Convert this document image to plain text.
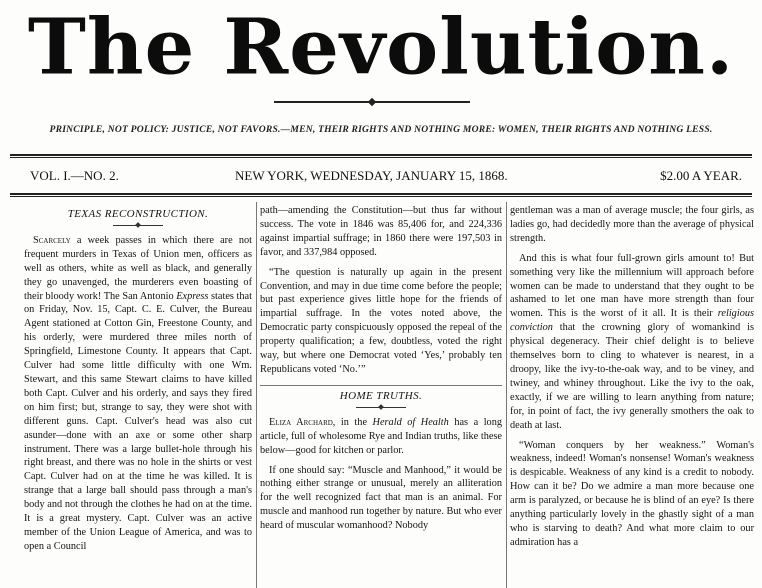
The Revolution.
PRINCIPLE, NOT POLICY: JUSTICE, NOT FAVORS.—MEN, THEIR RIGHTS AND NOTHING MORE: WOMEN, THEIR RIGHTS AND NOTHING LESS.
VOL. I.—NO. 2.	NEW YORK, WEDNESDAY, JANUARY 15, 1868.	$2.00 A YEAR.
TEXAS RECONSTRUCTION.

Scarcely a week passes in which there are not frequent murders in Texas of Union men, officers as well as others, white as well as black, and generally they go unavenged, the murderers even boasting of their bloody work! The San Antonio Express states that on Friday, Nov. 15, Capt. C. E. Culver, the Bureau Agent stationed at Cotton Gin, Freestone County, and his orderly, were murdered three miles north of Springfield, Limestone County. It appears that Capt. Culver had some little difficulty with one Wm. Stewart, and this same Stewart claims to have killed both Capt. Culver and his orderly, and says they fired on him first; but, strange to say, they were shot with different guns. Capt. Culver's head was also cut asunder—done with an axe or some other sharp instrument. There was a large bullet-hole through his right breast, and there was no hole in the shirts or vest Capt. Culver had on at the time he was killed. It is strange that a large ball should pass through a man's body and not through the clothes he had on at the time. It is a great mystery. Capt. Culver was an active member of the Union League of America, and was to open a Council

path—amending the Constitution—but thus far without success. The vote in 1846 was 85,406 for, and 224,336 against impartial suffrage; in 1860 there were 197,503 in favor, and 337,984 opposed.

“The question is naturally up again in the present Convention, and may in due time come before the people; but past experience gives little hope for the friends of impartial suffrage. In the votes noted above, the Democratic party conspicuously opposed the repeal of the property qualification; a few, doubtless, voted the right way, but where one Democrat voted ‘Yes,’ probably ten Republicans voted ‘No.’”

HOME TRUTHS.

Eliza Archard, in the Herald of Health has a long article, full of wholesome Rye and Indian truths, like these below—good for kitchen or parlor.

If one should say: “Muscle and Manhood,” it would be nothing either strange or unusual, merely an alliteration for the well recognized fact that man is an animal. For muscle and manhood run together by nature. But who ever heard of muscular womanhood? Nobody

gentleman was a man of average muscle; the four girls, as ladies go, had decidedly more than the average of physical strength.

And this is what four full-grown girls amount to! But something very like the millennium will approach before women can be made to understand that they ought to be ashamed to let one man have more strength than four women. This is the worst of it all. It is their religious conviction that the crowning glory of womankind is physical degeneracy. Their chief delight is to believe themselves born to cling to whatever is nearest, in a droopy, like the ivy-to-the-oak way, and to be viney, and twiney, and whiney throughout. Like the ivy to the oak, exactly, if we are willing to learn anything from nature; for, in point of fact, the ivy generally smothers the oak to death at last.

“Woman conquers by her weakness.” Woman's weakness, indeed! Woman's nonsense! Woman's weakness is despicable. Weakness of any kind is a credit to nobody. How can it be? Do we admire a man more because one arm is paralyzed, or because he is blind of an eye? Is there anything particularly lovely in the ghastly sight of a man who is starving to death? And what more claim to our admiration has a
